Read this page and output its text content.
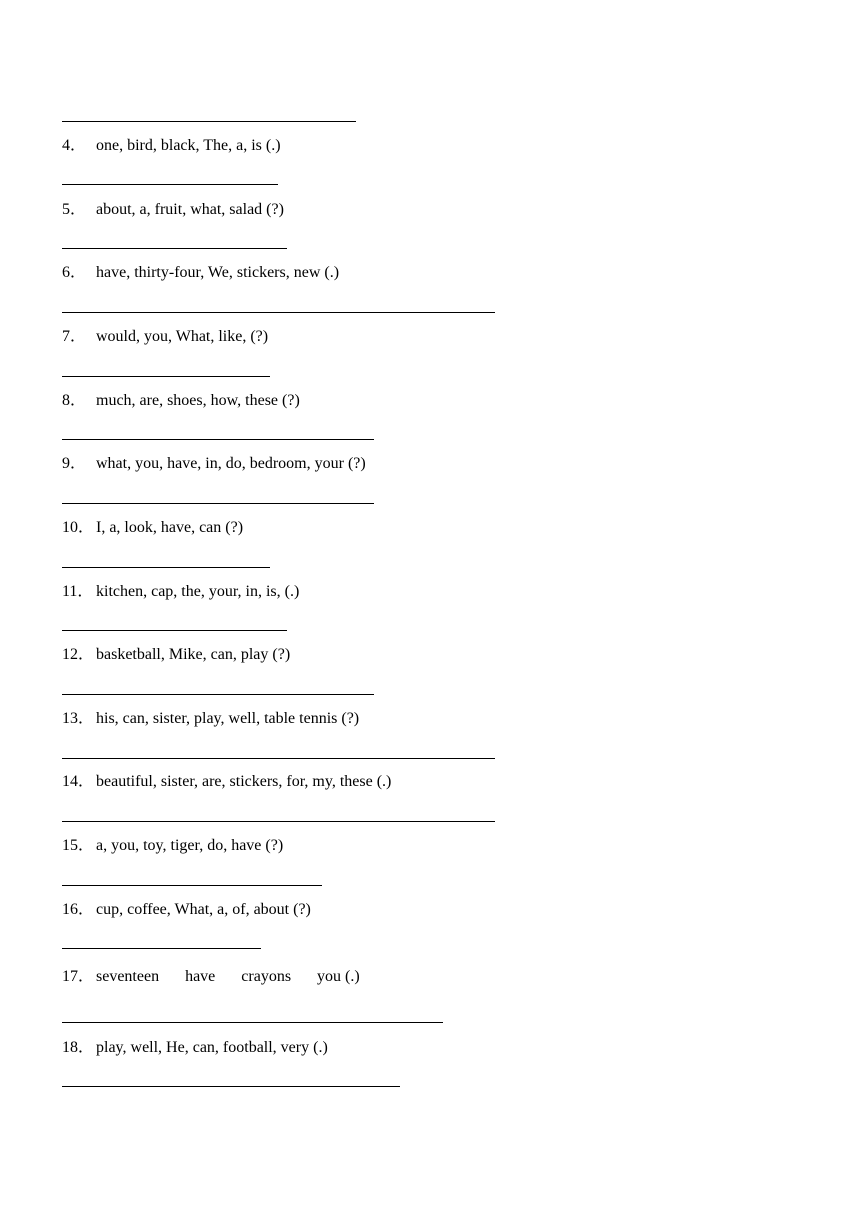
4． one, bird, black, The, a, is (.)
5． about, a, fruit, what, salad (?)
6． have, thirty-four, We, stickers, new (.)
7． would, you, What, like, (?)
8． much, are, shoes, how, these (?)
9． what, you, have, in, do, bedroom, your (?)
10． I, a, look, have, can (?)
11． kitchen, cap, the, your, in, is, (.)
12． basketball, Mike, can, play (?)
13． his, can, sister, play, well, table tennis (?)
14． beautiful, sister, are, stickers, for, my, these (.)
15． a, you, toy, tiger, do, have (?)
16． cup, coffee, What, a, of, about (?)
17． seventeen have crayons you (.)
18． play, well, He, can, football, very (.)
